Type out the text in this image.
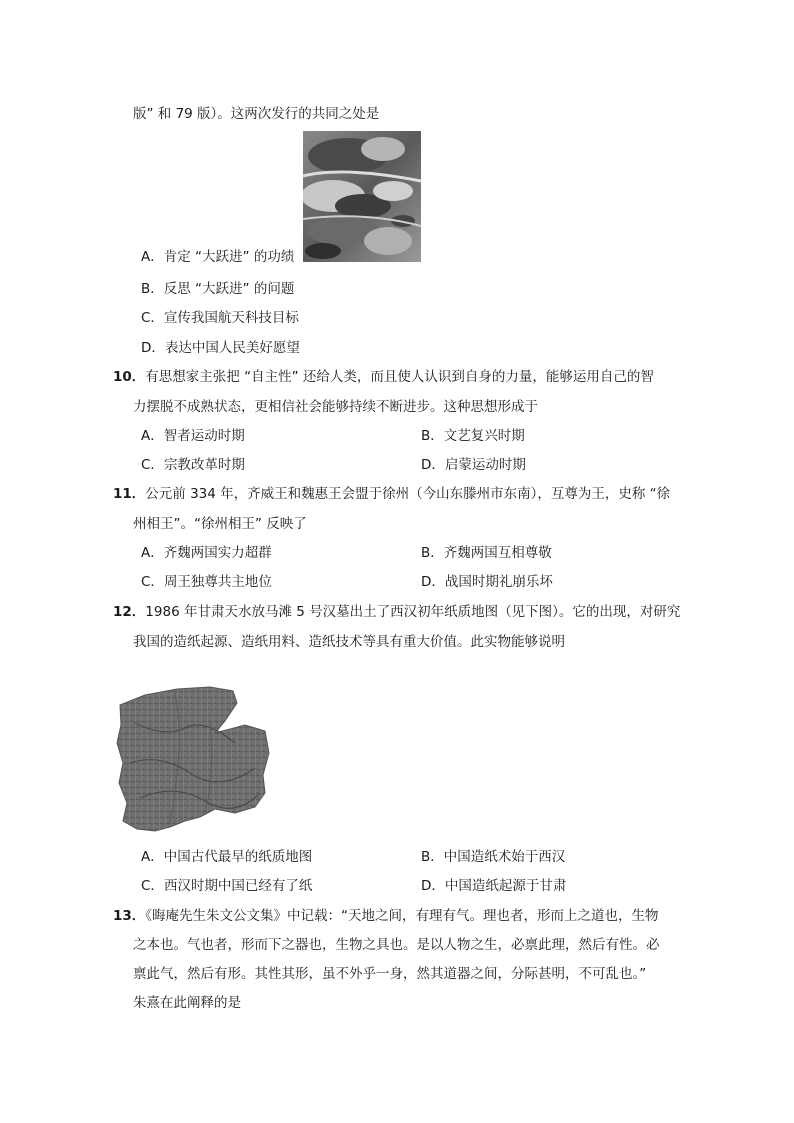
版” 和 79 版）。这两次发行的共同之处是
A．肯定 “大跃进” 的功绩
B．反思 “大跃进” 的问题
C．宣传我国航天科技目标
D．表达中国人民美好愿望
10．有思想家主张把 “自主性” 还给人类，而且使人认识到自身的力量，能够运用自己的智
力摆脱不成熟状态，更相信社会能够持续不断进步。这种思想形成于
A．智者运动时期	B．文艺复兴时期
C．宗教改革时期	D．启蒙运动时期
11．公元前 334 年，齐威王和魏惠王会盟于徐州（今山东滕州市东南），互尊为王，史称 “徐
州相王”。“徐州相王” 反映了
A．齐魏两国实力超群	B．齐魏两国互相尊敬
C．周王独尊共主地位	D．战国时期礼崩乐坏
12．1986 年甘肃天水放马滩 5 号汉墓出土了西汉初年纸质地图（见下图）。它的出现，对研究
我国的造纸起源、造纸用料、造纸技术等具有重大价值。此实物能够说明
A．中国古代最早的纸质地图	B．中国造纸术始于西汉
C．西汉时期中国已经有了纸	D．中国造纸起源于甘肃
13．《晦庵先生朱文公文集》中记载：“天地之间，有理有气。理也者，形而上之道也，生物
之本也。气也者，形而下之器也，生物之具也。是以人物之生，必禀此理，然后有性。必
禀此气，然后有形。其性其形，虽不外乎一身，然其道器之间，分际甚明，不可乱也。”
朱熹在此阐释的是
